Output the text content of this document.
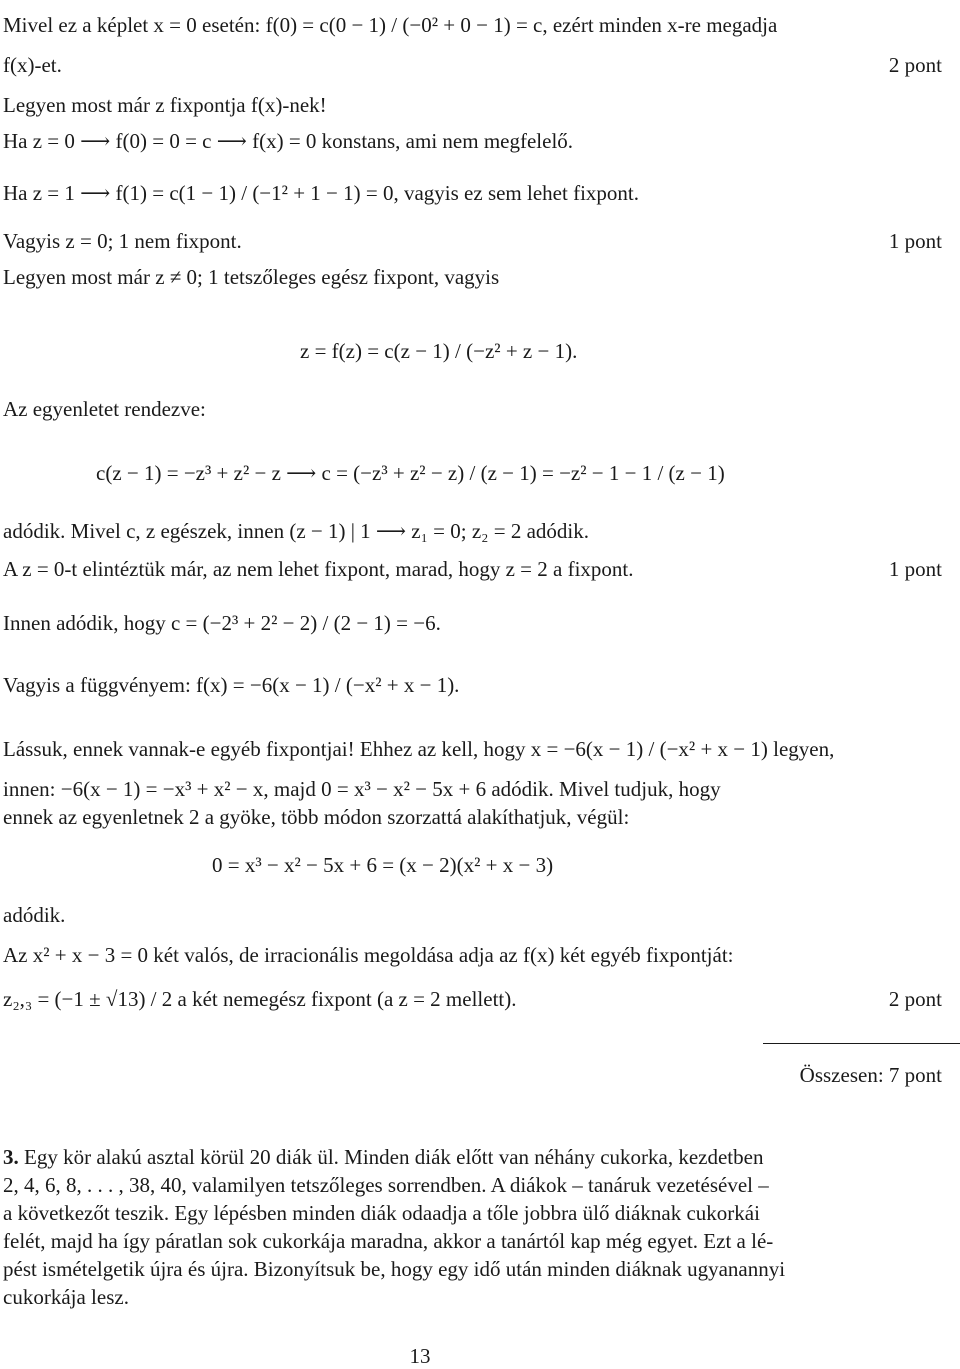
Mivel ez a képlet x = 0 esetén: f(0) = c(0 − 1) / (−0² + 0 − 1) = c, ezért minden x-re megadja
f(x)-et.
Legyen most már z fixpontja f(x)-nek!
Ha z = 0 ⟶ f(0) = 0 = c ⟶ f(x) = 0 konstans, ami nem megfelelő.
Ha z = 1 ⟶ f(1) = c(1 − 1) / (−1² + 1 − 1) = 0, vagyis ez sem lehet fixpont.
Vagyis z = 0; 1 nem fixpont.
Legyen most már z ≠ 0; 1 tetszőleges egész fixpont, vagyis
z = f(z) = c(z − 1) / (−z² + z − 1).
Az egyenletet rendezve:
c(z − 1) = −z³ + z² − z ⟶ c = (−z³ + z² − z) / (z − 1) = −z² − 1 − 1 / (z − 1)
adódik. Mivel c, z egészek, innen (z − 1) | 1 ⟶ z₁ = 0; z₂ = 2 adódik.
A z = 0-t elintéztük már, az nem lehet fixpont, marad, hogy z = 2 a fixpont.
Innen adódik, hogy c = (−2³ + 2² − 2) / (2 − 1) = −6.
Vagyis a függvényem: f(x) = −6(x − 1) / (−x² + x − 1).
Lássuk, ennek vannak-e egyéb fixpontjai! Ehhez az kell, hogy x = −6(x − 1) / (−x² + x − 1) legyen,
innen: −6(x − 1) = −x³ + x² − x, majd 0 = x³ − x² − 5x + 6 adódik. Mivel tudjuk, hogy
ennek az egyenletnek 2 a gyöke, több módon szorzattá alakíthatjuk, végül:
0 = x³ − x² − 5x + 6 = (x − 2)(x² + x − 3)
adódik.
Az x² + x − 3 = 0 két valós, de irracionális megoldása adja az f(x) két egyéb fixpontját:
z₂,₃ = (−1 ± √13) / 2 a két nemegész fixpont (a z = 2 mellett).
2 pont
1 pont
1 pont
2 pont
Összesen: 7 pont
3. Egy kör alakú asztal körül 20 diák ül. Minden diák előtt van néhány cukorka, kezdetben
2, 4, 6, 8, . . . , 38, 40, valamilyen tetszőleges sorrendben. A diákok – tanáruk vezetésével –
a következőt teszik. Egy lépésben minden diák odaadja a tőle jobbra ülő diáknak cukorkái
felét, majd ha így páratlan sok cukorkája maradna, akkor a tanártól kap még egyet. Ezt a lé-
pést ismételgetik újra és újra. Bizonyítsuk be, hogy egy idő után minden diáknak ugyanannyi
cukorkája lesz.
13
